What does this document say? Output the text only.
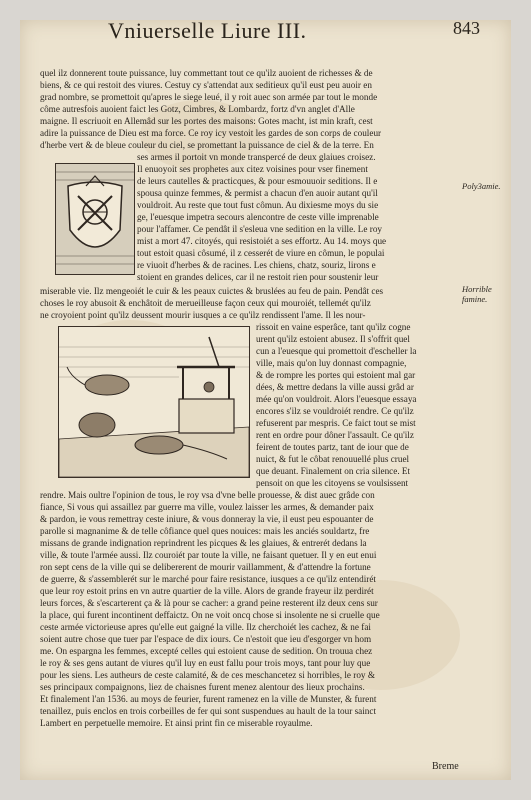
Vniuerselle Liure III.	843
quel ilz donnerent toute puissance, luy commettant tout ce qu'ilz auoient de richesses & de
biens, & ce qui restoit des viures. Cestuy cy s'attendat aux seditieux qu'il eust peu auoir en
grad nombre, se promettoit qu'apres le siege leué, il y roit auec son armée par tout le monde
côme autresfois auoient faict les Gotz, Cimbres, & Lombardz, fortz d'vn anglet d'Alle
maigne. Il escriuoit en Allemâd sur les portes des maisons: Gotes macht, ist min kraft, cest
adire la puissance de Dieu est ma force. Ce roy icy vestoit les gardes de son corps de couleur
d'herbe vert & de bleue couleur du ciel, se promettant la puissance de ciel & de la terre. En
ses armes il portoit vn monde transpercé de deux glaiues croisez.
Il enuoyoit ses prophetes aux citez voisines pour vser finement
de leurs cautelles & practicques, & pour esmouuoir seditions. Il e
spousa quinze femmes, & permist a chacun d'en auoir autant qu'il
vouldroit. Au reste que tout fust cômun. Au dixiesme moys du sie
ge, l'euesque impetra secours alencontre de ceste ville imprenable
pour l'affamer. Ce pendât il s'esleua vne sedition en la ville. Le roy
mist a mort 47. citoyés, qui resistoiét a ses effortz. Au 14. moys que
tout estoit quasi côsumé, il z cesserét de viure en cômun, le populai
re viuoit d'herbes & de racines. Les chiens, chatz, souriz, lirons e
stoient en grandes delices, car il ne restoit rien pour soustenir leur
Poly3amie.
Horrible famine.
miserable vie. Ilz mengeoiét le cuir & les peaux cuictes & bruslées au feu de pain. Pendât ces
choses le roy abusoit & enchâtoit de merueilleuse façon ceux qui mouroiét, tellemét qu'ilz
ne croyoient point qu'ilz deussent mourir iusques a ce qu'ilz rendissent l'ame. Il les nour-
rissoit en vaine esperâce, tant qu'ilz cogne
urent qu'ilz estoient abusez. Il s'offrit quel
cun a l'euesque qui promettoit d'escheller la
ville, mais qu'on luy donnast compagnie,
& de rompre les portes qui estoient mal gar
dées, & mettre dedans la ville aussi grâd ar
mée qu'on vouldroit. Alors l'euesque essaya
encores s'ilz se vouldroiét rendre. Ce qu'ilz
refuserent par mespris. Ce faict tout se mist
rent en ordre pour dôner l'assault. Ce qu'ilz
feirent de toutes partz, tant de iour que de
nuict, & fut le côbat renouuellé plus cruel
que deuant. Finalement on cria silence. Et
pensoit on que les citoyens se voulsissent
rendre. Mais oultre l'opinion de tous, le roy vsa d'vne belle prouesse, & dist auec grâde con
fiance, Si vous qui assaillez par guerre ma ville, voulez laisser les armes, & demander paix
& pardon, ie vous remettray ceste iniure, & vous donneray la vie, il eust peu espouanter de
parolle si magnanime & de telle côfiance quel ques nouices: mais les anciés souldartz, fre
missans de grande indignation reprindrent les picques & les glaiues, & entrerét dedans la
ville, & toute l'armée aussi. Ilz couroiét par toute la ville, ne faisant quetuer. Il y en eut enui
ron sept cens de la ville qui se delibererent de mourir vaillamment, & d'attendre la fortune
de guerre, & s'assemblerét sur le marché pour faire resistance, iusques a ce qu'ilz entendirét
que leur roy estoit prins en vn autre quartier de la ville. Alors de grande frayeur ilz perdirét
leurs forces, & s'escarterent ça & là pour se cacher: a grand peine resterent ilz deux cens sur
la place, qui furent incontinent deffaictz. On ne voit oncq chose si insolente ne si cruelle que
ceste armée victorieuse apres qu'elle eut gaigné la ville. Ilz cherchoiét les cachez, & ne fai
soient autre chose que tuer par l'espace de dix iours. Ce n'estoit que ieu d'esgorger vn hom
me. On espargna les femmes, excepté celles qui estoient cause de sedition. On trouua chez
le roy & ses gens autant de viures qu'il luy en eust fallu pour trois moys, tant pour luy que
pour les siens. Les autheurs de ceste calamité, & de ces meschancetez si horribles, le roy &
ses principaux compaignons, liez de chaisnes furent menez alentour des lieux prochains.
Et finalement l'an 1536. au moys de feurier, furent ramenez en la ville de Munster, & furent
tenaillez, puis enclos en trois corbeilles de fer qui sont suspendues au hault de la tour sainct
Lambert en perpetuelle memoire. Et ainsi print fin ce miserable royaulme.
Breme
